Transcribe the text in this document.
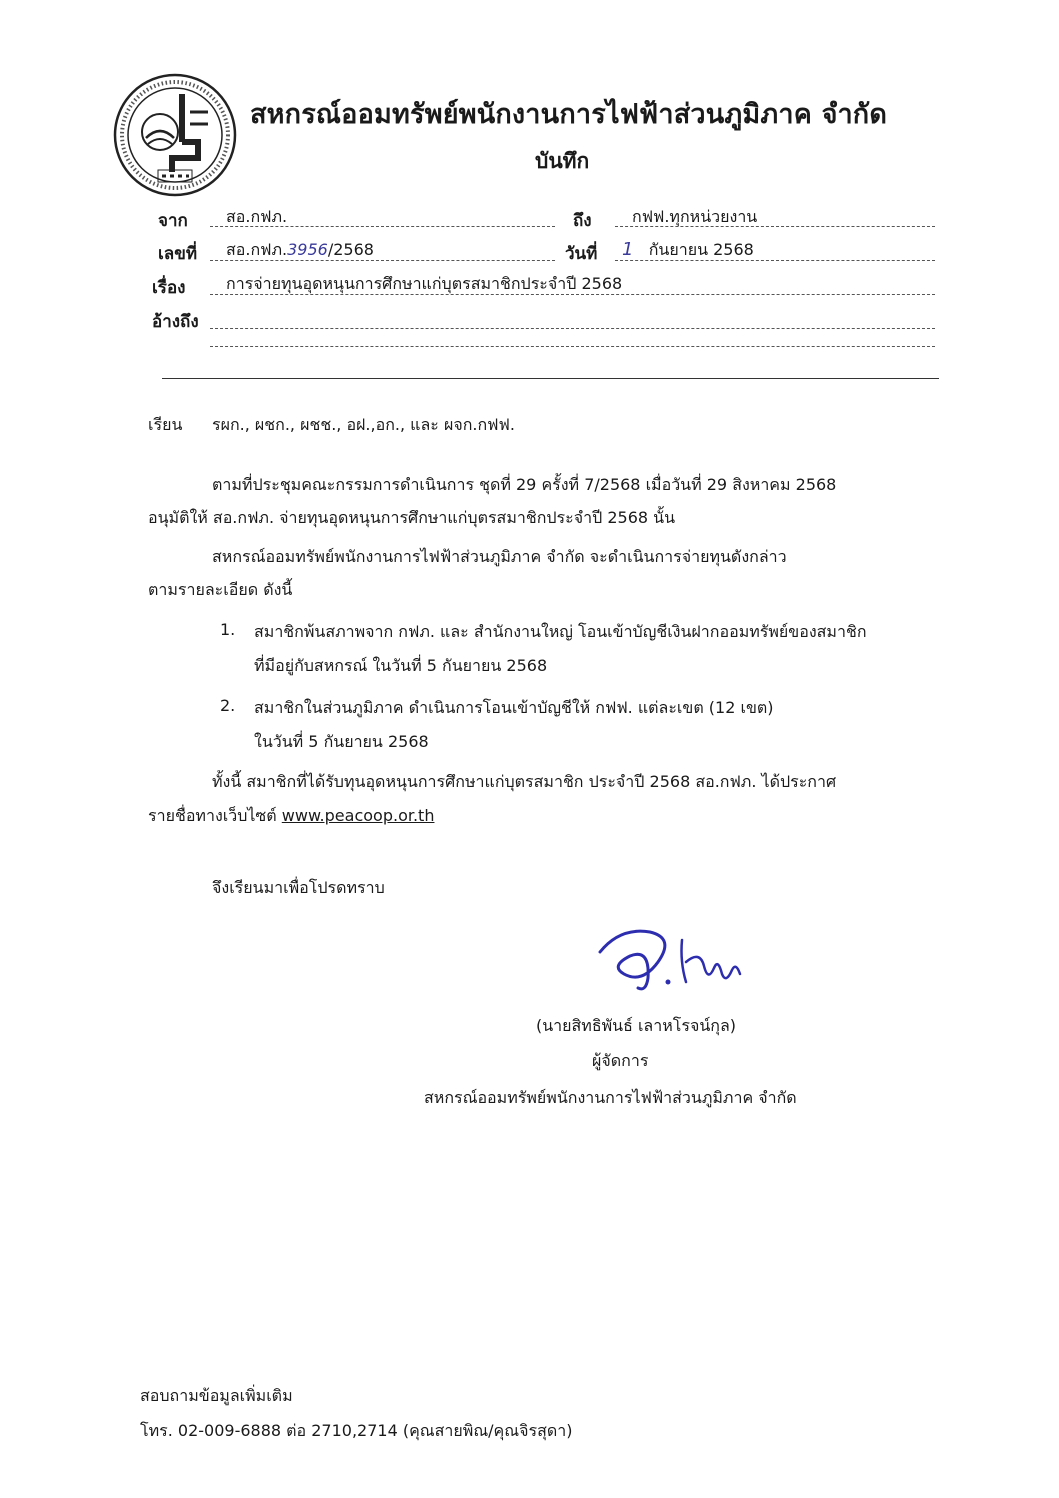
สหกรณ์ออมทรัพย์พนักงานการไฟฟ้าส่วนภูมิภาค จำกัด
บันทึก
จาก สอ.กฟภ.	ถึง	กฟฟ.ทุกหน่วยงาน
เลขที่ สอ.กฟภ.3956/2568	วันที่ 1 กันยายน 2568
เรื่อง	การจ่ายทุนอุดหนุนการศึกษาแก่บุตรสมาชิกประจำปี 2568
อ้างถึง
เรียน รผก., ผชก., ผชช., อฝ.,อก., และ ผจก.กฟฟ.
ตามที่ประชุมคณะกรรมการดำเนินการ ชุดที่ 29 ครั้งที่ 7/2568 เมื่อวันที่ 29 สิงหาคม 2568
อนุมัติให้ สอ.กฟภ. จ่ายทุนอุดหนุนการศึกษาแก่บุตรสมาชิกประจำปี 2568 นั้น
สหกรณ์ออมทรัพย์พนักงานการไฟฟ้าส่วนภูมิภาค จำกัด จะดำเนินการจ่ายทุนดังกล่าว
ตามรายละเอียด ดังนี้
1. สมาชิกพ้นสภาพจาก กฟภ. และ สำนักงานใหญ่ โอนเข้าบัญชีเงินฝากออมทรัพย์ของสมาชิก
ที่มีอยู่กับสหกรณ์ ในวันที่ 5 กันยายน 2568
2. สมาชิกในส่วนภูมิภาค ดำเนินการโอนเข้าบัญชีให้ กฟฟ. แต่ละเขต (12 เขต)
ในวันที่ 5 กันยายน 2568
ทั้งนี้ สมาชิกที่ได้รับทุนอุดหนุนการศึกษาแก่บุตรสมาชิก ประจำปี 2568 สอ.กฟภ. ได้ประกาศ
รายชื่อทางเว็บไซต์ www.peacoop.or.th
จึงเรียนมาเพื่อโปรดทราบ
(นายสิทธิพันธ์ เลาหโรจน์กุล)
ผู้จัดการ
สหกรณ์ออมทรัพย์พนักงานการไฟฟ้าส่วนภูมิภาค จำกัด
สอบถามข้อมูลเพิ่มเติม
โทร. 02-009-6888 ต่อ 2710,2714 (คุณสายพิณ/คุณจิรสุดา)
